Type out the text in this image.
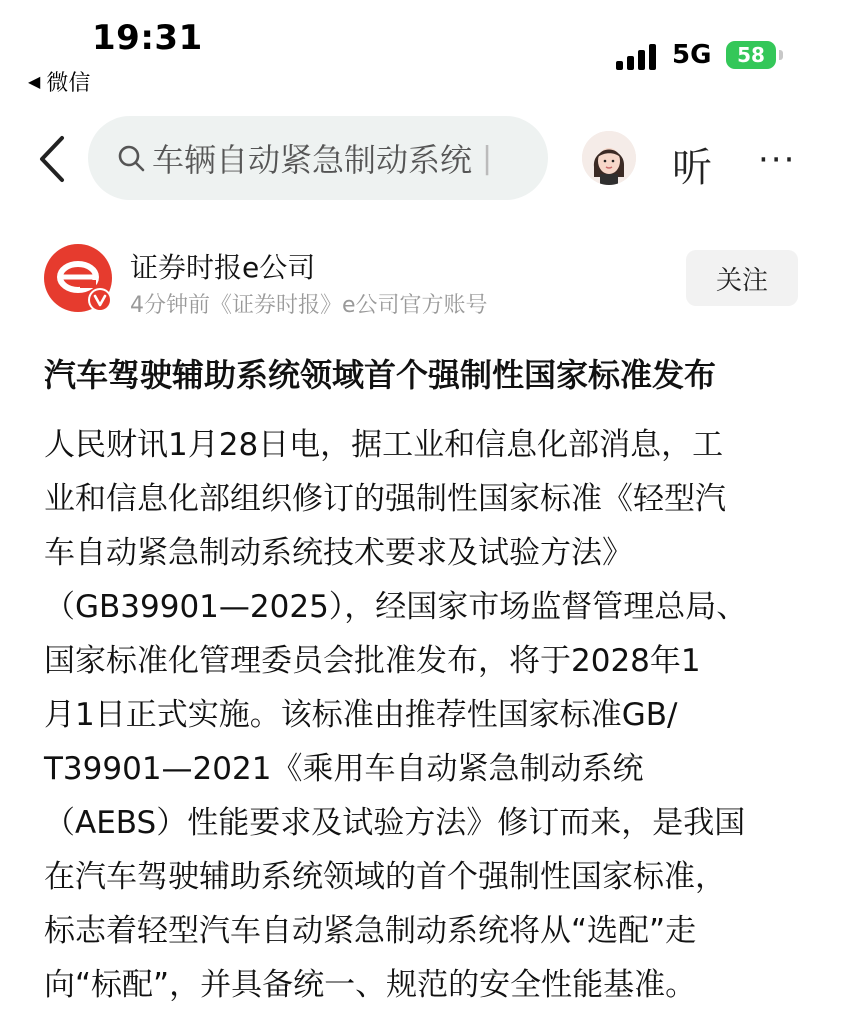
19:31
◀ 微信
5G 58
车辆自动紧急制动系统 |	听 ···
证券时报e公司
4分钟前《证券时报》e公司官方账号
关注
汽车驾驶辅助系统领域首个强制性国家标准发布
人民财讯1月28日电，据工业和信息化部消息，工
业和信息化部组织修订的强制性国家标准《轻型汽
车自动紧急制动系统技术要求及试验方法》
（GB39901—2025），经国家市场监督管理总局、
国家标准化管理委员会批准发布，将于2028年1
月1日正式实施。该标准由推荐性国家标准GB/
T39901—2021《乘用车自动紧急制动系统
（AEBS）性能要求及试验方法》修订而来，是我国
在汽车驾驶辅助系统领域的首个强制性国家标准，
标志着轻型汽车自动紧急制动系统将从“选配”走
向“标配”，并具备统一、规范的安全性能基准。
